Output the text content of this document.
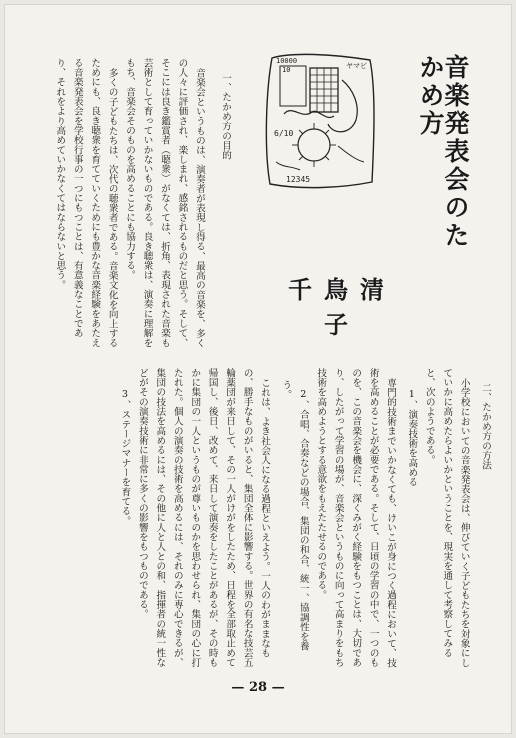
音楽発表会のたかめ方
10000
10	ヤマビ
6/10
12345
千鳥清子

一、たかめ方の目的

音楽会というものは、演奏者が表現し得る、最高の音楽を、多くの人々に評価され、楽しまれ、感銘されるものだと思う。そして、そこには良き鑑賞者（聴衆）がなくては、折角、表現された音楽も芸術として育っていかないものである。良き聴衆は、演奏に理解をもち、音楽会そのものを高めることにも協力する。

多くの子どもたちは、次代の聴衆者である。音楽文化を向上するためにも、良き聴衆を育てていくためにも豊かな音楽経験をあたえる音楽発表会を学校行事の一つにもつことは、有意義なことであり、それをより高めていかなくてはならないと思う。

二、たかめ方の方法

小学校においての音楽発表会は、伸びていく子どもたちを対象にしていかに高めたらよいかということを、現実を通して考察してみると、次のようである。

1、演奏技術を高める

専門的技術までいかなくても、けいこが身につく過程において、技術を高めることが必要である。そして、日頃の学習の中で、一つのものを、この音楽会を機会に、深くみがく経験をもつことは、大切であり、したがって学習の場が、音楽会というものに向って高まりをもち技術を高めようとする意欲をもえたたせるのである。

2、合唱、合奏などの場合、集団の和合、統一、協調性を養う。

これは、よき社会人になる過程といえよう。一人のわがままなもの、勝手なものがいると、集団全体に影響する。世界の有名な技芸五輪薬団が来日して、その一人がけがをしたため、日程を全部取止めて帰国し、後日、改めて、来日して演奏をしたことがあるが、その時もかに集団の一人というものが尊いものかを思わせられ、集団の心に打たれた。個人の演奏の技術を高めるには、それのみに専心できるが、集団の技法を高めるには、その他に人と人との和、指揮者の統一性などがその演奏技術に非常に多くの影響をもつものである。

3、ステージマナーを育てる。

— 28 —
